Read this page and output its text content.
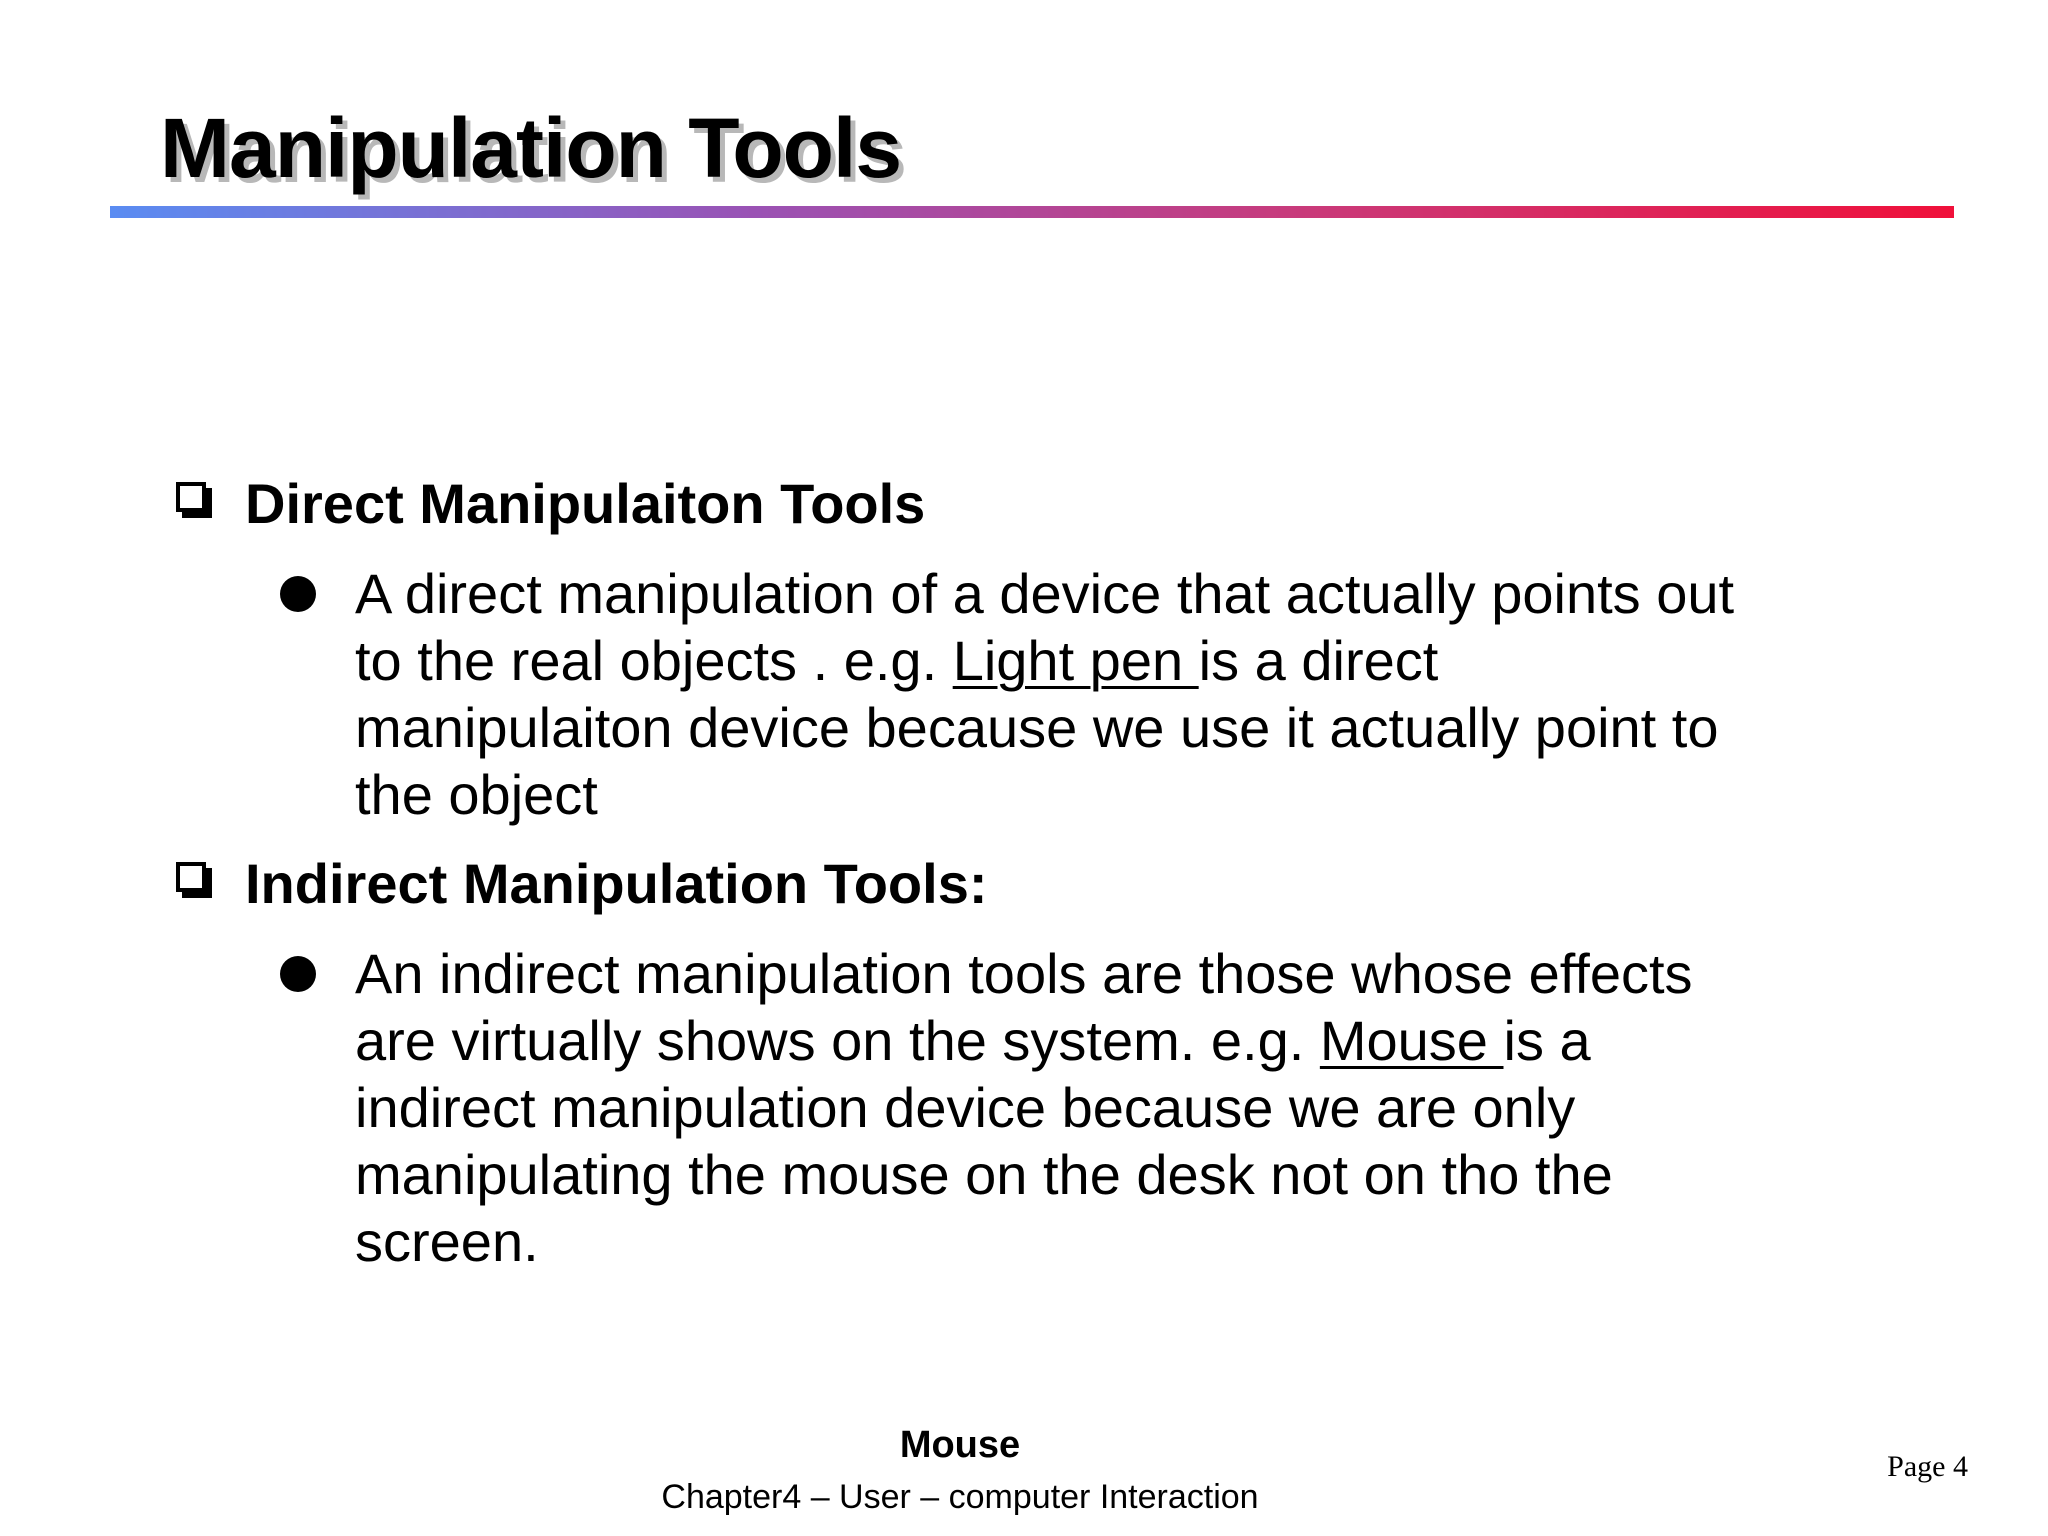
Manipulation Tools
Direct Manipulaiton Tools
A direct manipulation of a device that actually points out
to the real objects . e.g. Light pen is a direct
manipulaiton device because we use it actually point to
the object
Indirect Manipulation Tools:
An indirect manipulation tools are those whose effects
are virtually shows on the system. e.g. Mouse is a
indirect manipulation device because we are only
manipulating the mouse on the desk not on tho the
screen.
Mouse
Chapter4 – User – computer Interaction
Page 4
